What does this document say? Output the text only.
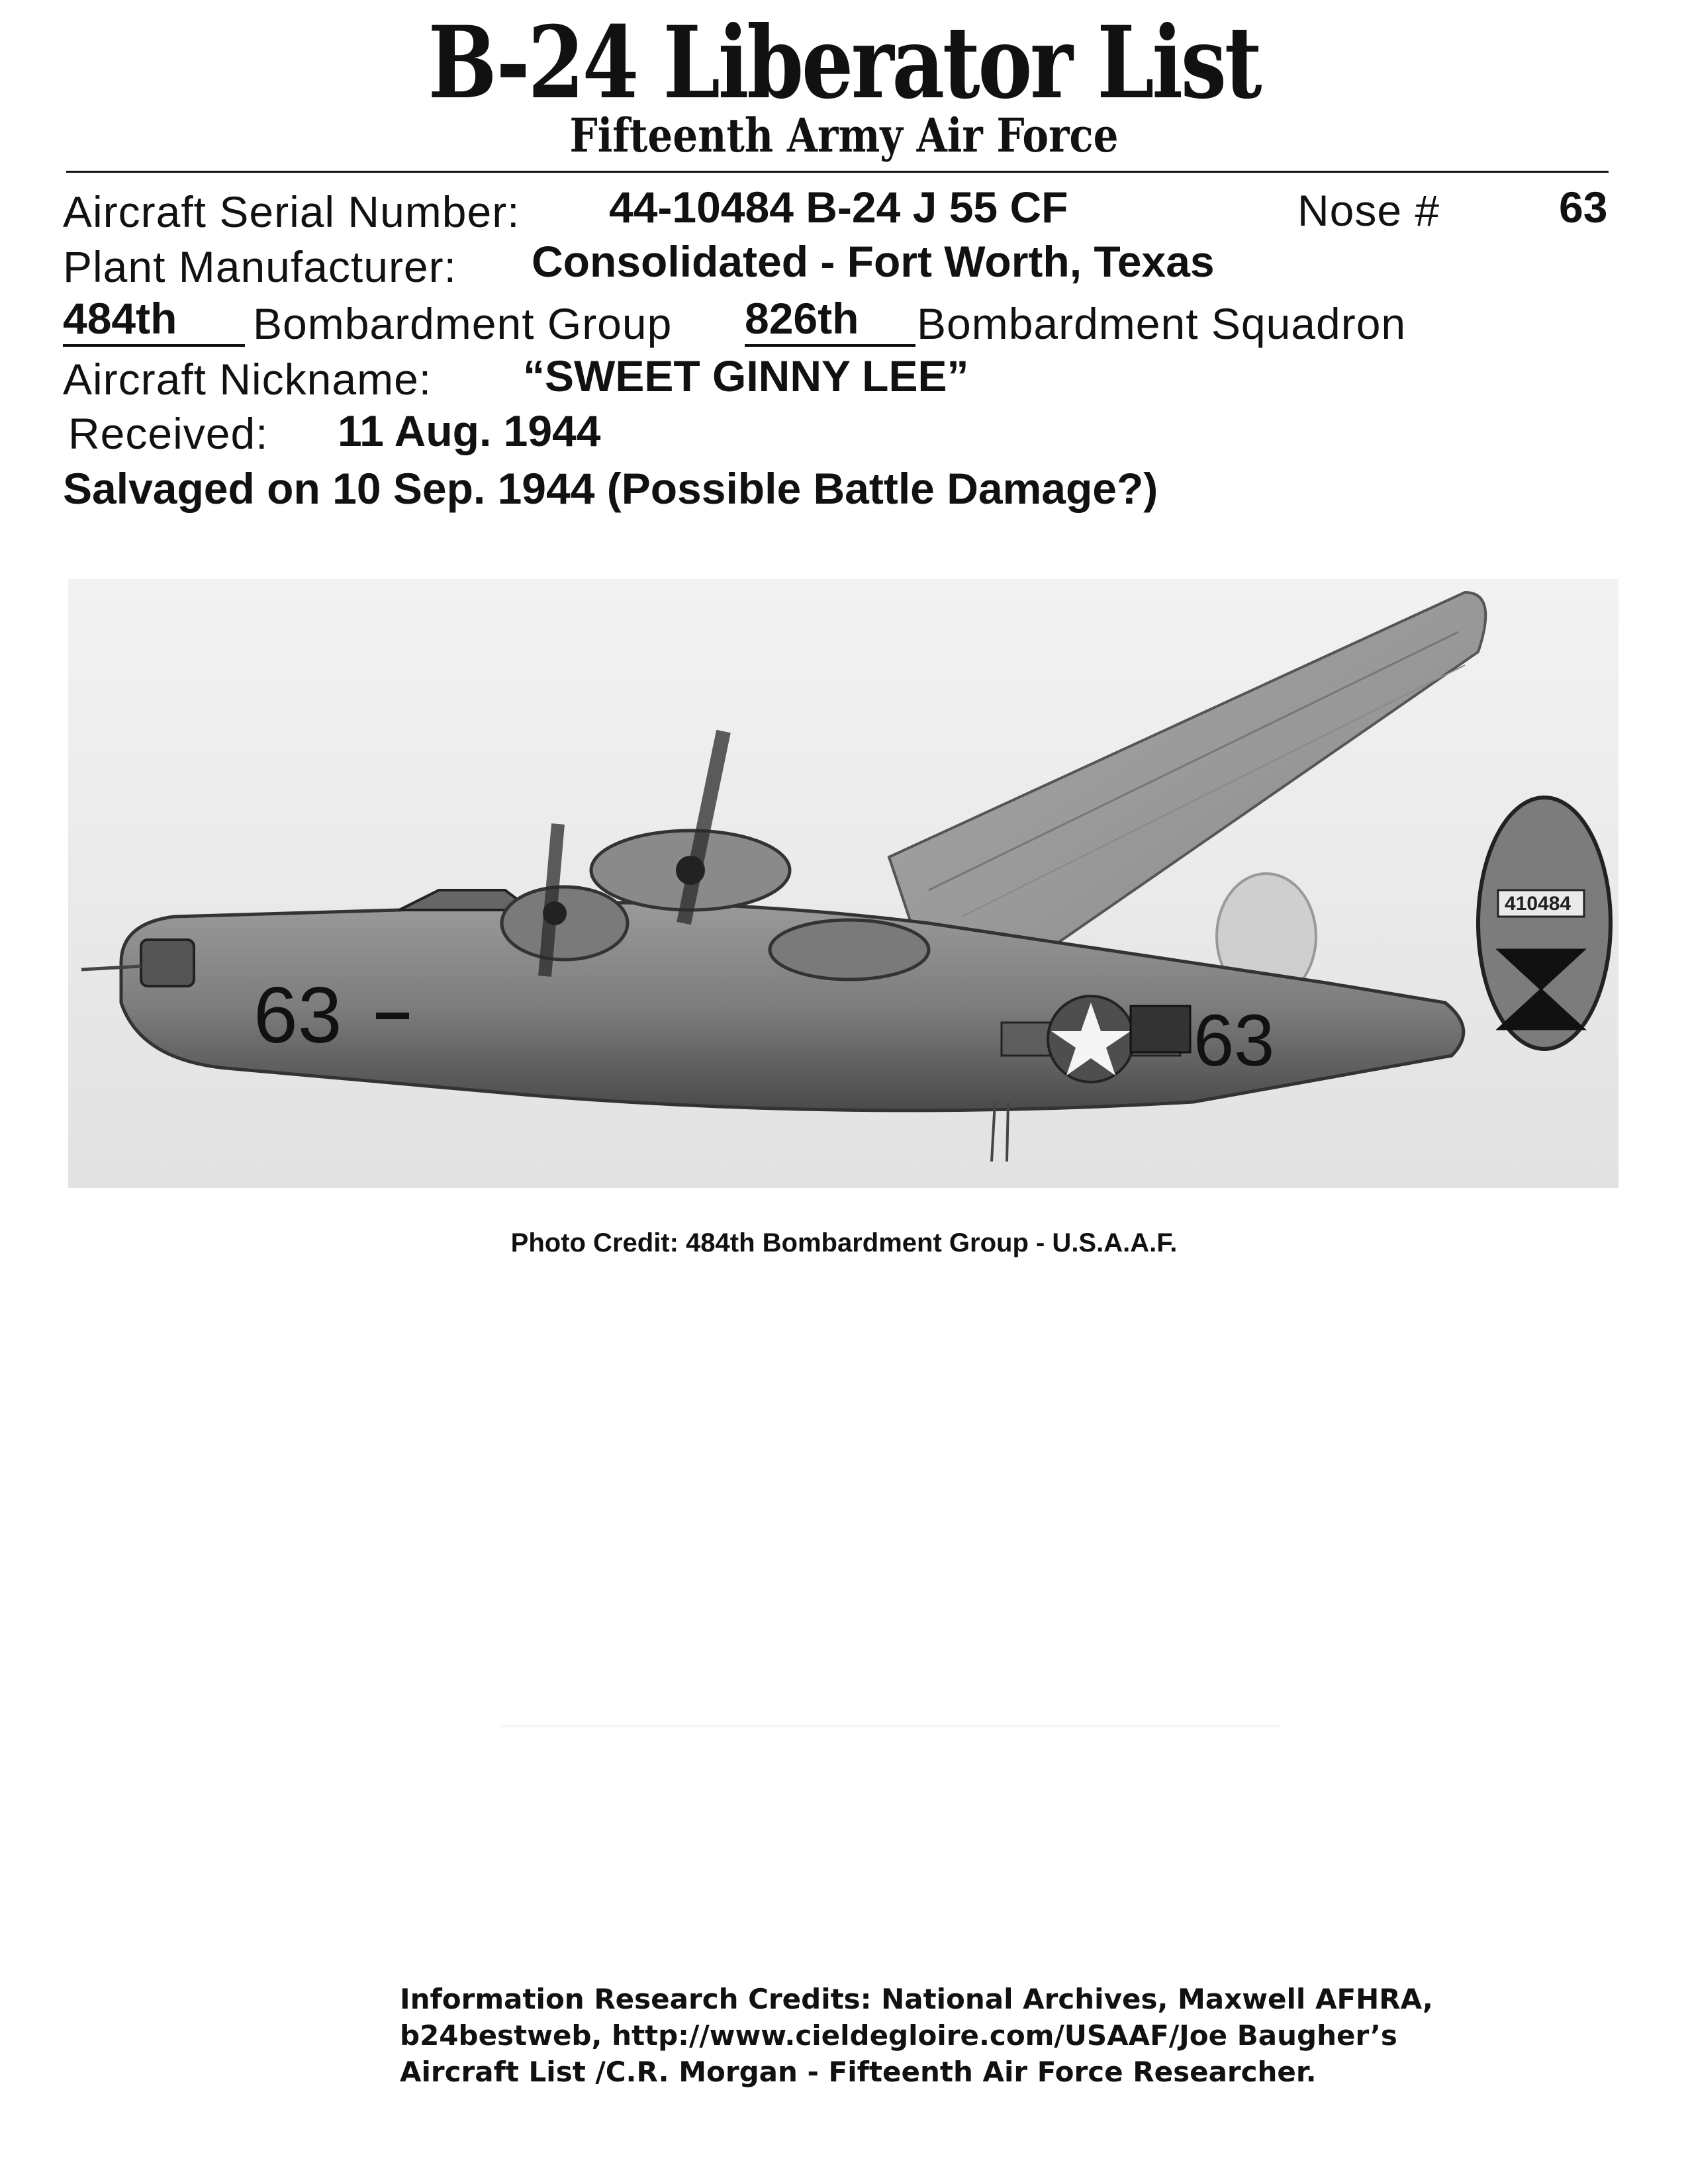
B-24 Liberator List
Fifteenth Army Air Force
Aircraft Serial Number: 44-10484 B-24 J 55 CF	Nose #	63
Plant Manufacturer: Consolidated - Fort Worth, Texas
484th	Bombardment Group 826th	Bombardment Squadron
Aircraft Nickname: “SWEET GINNY LEE”
Received: 11 Aug. 1944
Salvaged on 10 Sep. 1944 (Possible Battle Damage?)
63	63
410484
Photo Credit: 484th Bombardment Group - U.S.A.A.F.
Information Research Credits: National Archives, Maxwell AFHRA,
b24bestweb, http://www.cieldegloire.com/USAAF/Joe Baugher’s
Aircraft List /C.R. Morgan - Fifteenth Air Force Researcher.
